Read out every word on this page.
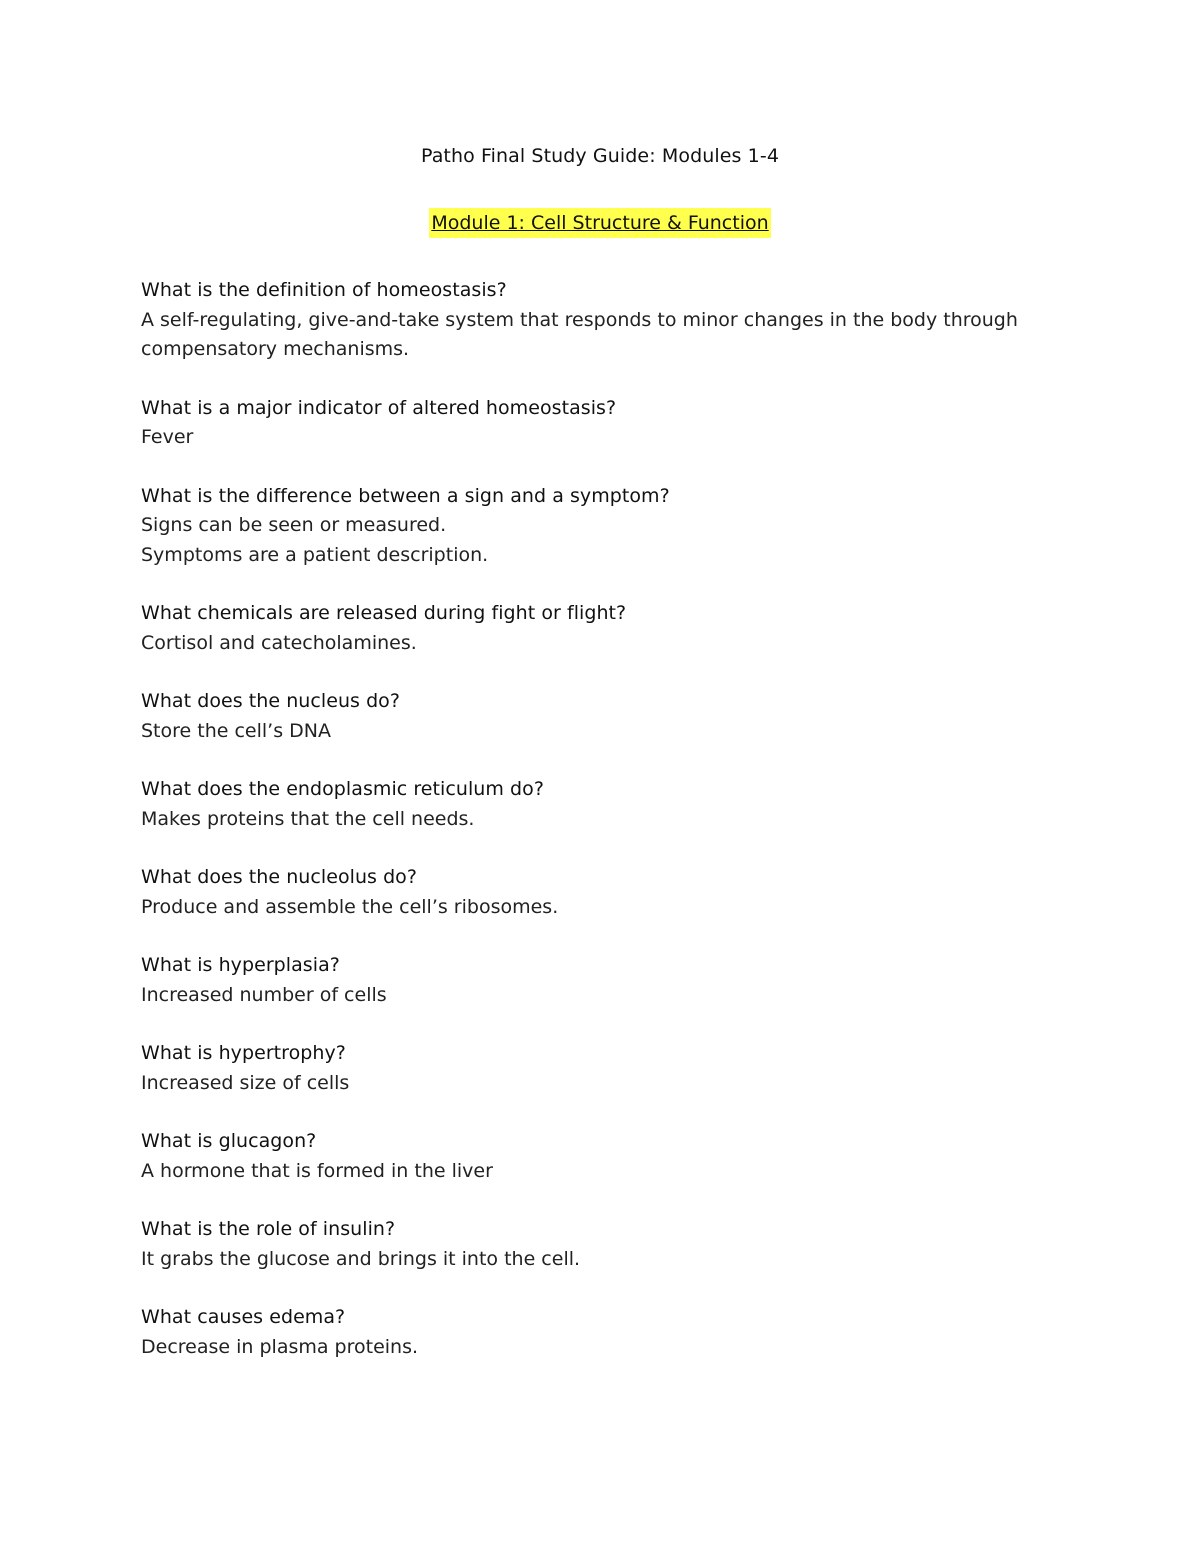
Patho Final Study Guide: Modules 1-4
Module 1: Cell Structure & Function
What is the definition of homeostasis?
A self-regulating, give-and-take system that responds to minor changes in the body through
compensatory mechanisms.
What is a major indicator of altered homeostasis?
Fever
What is the difference between a sign and a symptom?
Signs can be seen or measured.
Symptoms are a patient description.
What chemicals are released during fight or flight?
Cortisol and catecholamines.
What does the nucleus do?
Store the cell’s DNA
What does the endoplasmic reticulum do?
Makes proteins that the cell needs.
What does the nucleolus do?
Produce and assemble the cell’s ribosomes.
What is hyperplasia?
Increased number of cells
What is hypertrophy?
Increased size of cells
What is glucagon?
A hormone that is formed in the liver
What is the role of insulin?
It grabs the glucose and brings it into the cell.
What causes edema?
Decrease in plasma proteins.
